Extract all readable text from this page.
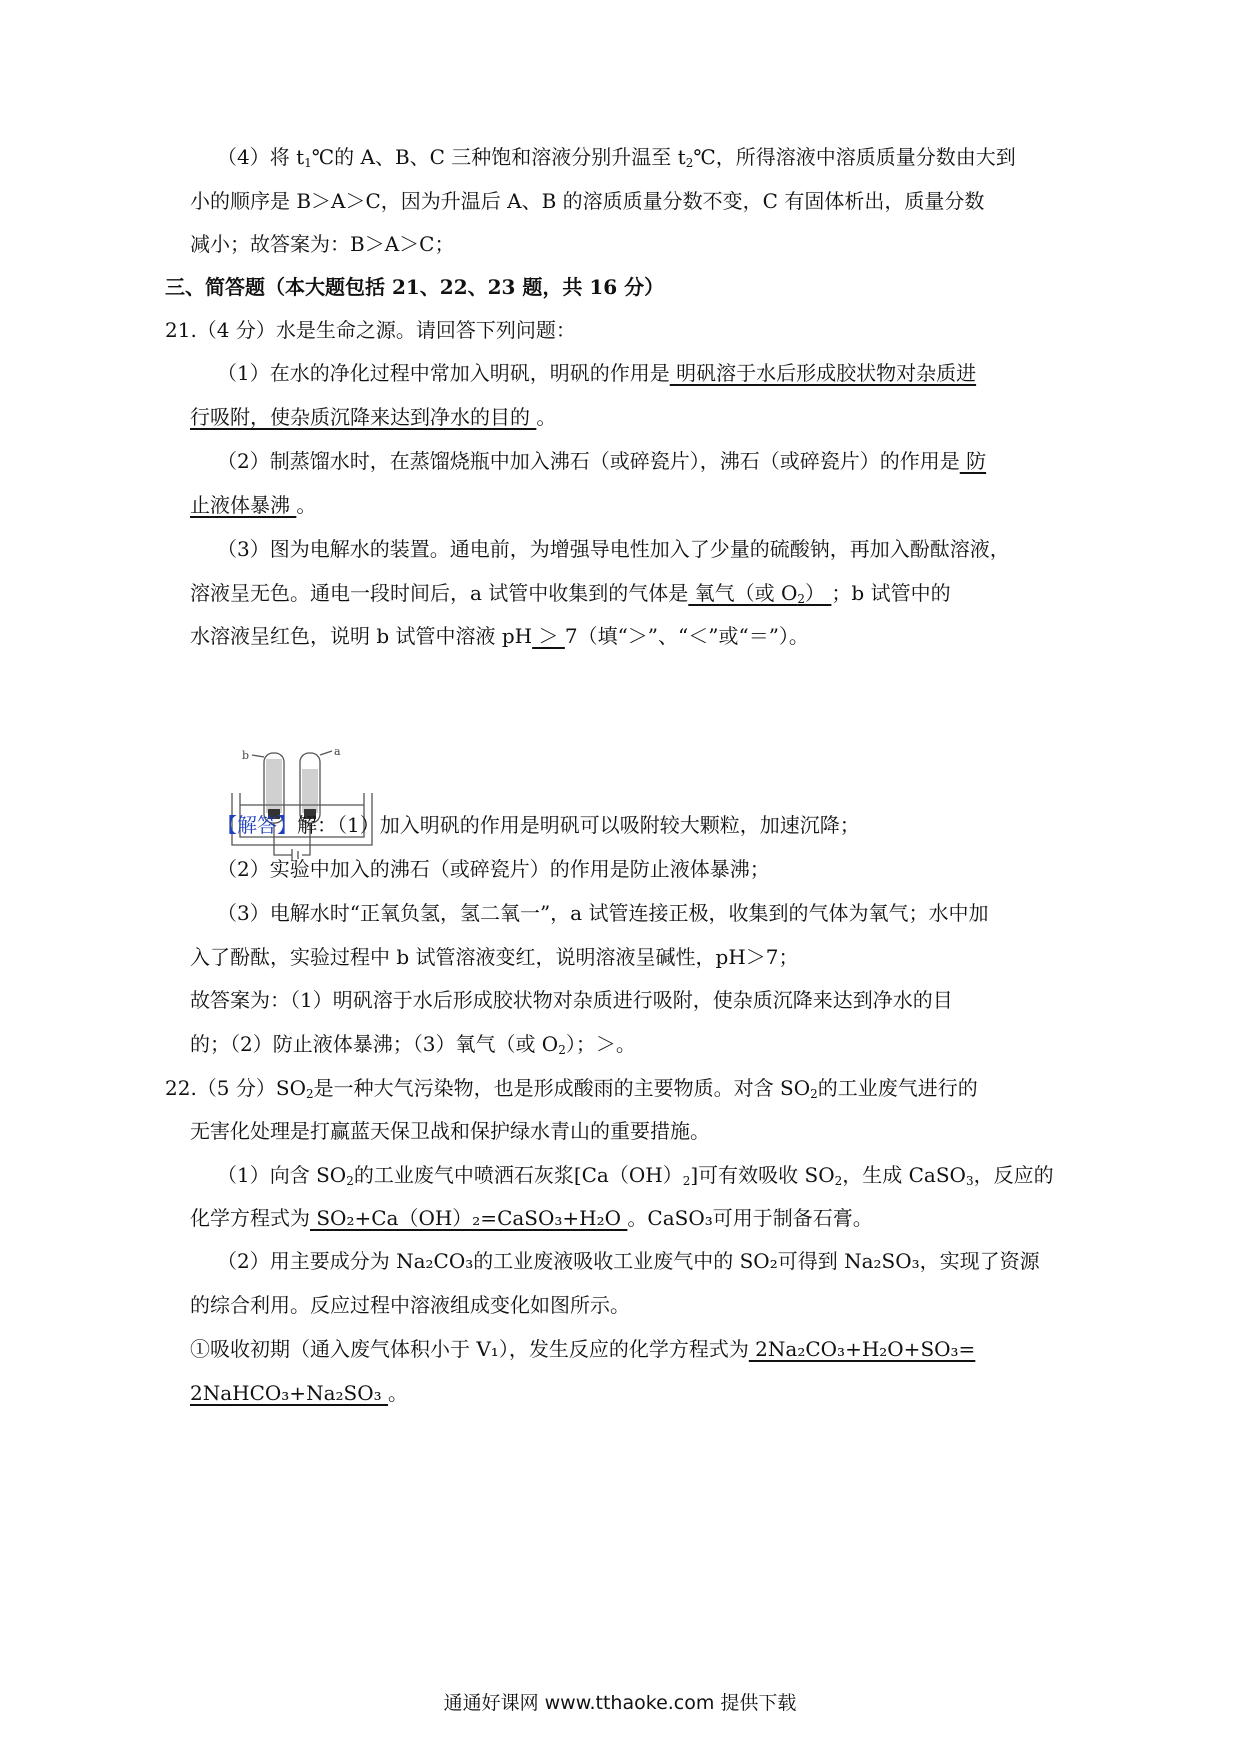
（4）将 $t_1℃$的 A、B、C 三种饱和溶液分别升温至 $t_2℃$，所得溶液中溶质质量分数由大到
小的顺序是 B＞A＞C，因为升温后 A、B 的溶质质量分数不变，C 有固体析出，质量分数
减小；故答案为：B＞A＞C；
三、简答题（本大题包括 21、22、23 题，共 16 分）
21.（4 分）水是生命之源。请回答下列问题：
（1）在水的净化过程中常加入明矾，明矾的作用是 明矾溶于水后形成胶状物对杂质进
行吸附，使杂质沉降来达到净水的目的 。
（2）制蒸馏水时，在蒸馏烧瓶中加入沸石（或碎瓷片），沸石（或碎瓷片）的作用是 防
止液体暴沸 。
（3）图为电解水的装置。通电前，为增强导电性加入了少量的硫酸钠，再加入酚酞溶液，
溶液呈无色。通电一段时间后，a 试管中收集到的气体是 氧气（或 $O_2$） ；b 试管中的
水溶液呈红色，说明 b 试管中溶液 pH ＞ 7（填“＞”、“＜”或“＝”）。
b	a
【解答】解：（1）加入明矾的作用是明矾可以吸附较大颗粒，加速沉降；
（2）实验中加入的沸石（或碎瓷片）的作用是防止液体暴沸；
（3）电解水时“正氧负氢，氢二氧一”，a 试管连接正极，收集到的气体为氧气；水中加
入了酚酞，实验过程中 b 试管溶液变红，说明溶液呈碱性，pH＞7；
故答案为：（1）明矾溶于水后形成胶状物对杂质进行吸附，使杂质沉降来达到净水的目
的；（2）防止液体暴沸；（3）氧气（或 $O_2$）；＞。
22.（5 分）$SO_2$是一种大气污染物，也是形成酸雨的主要物质。对含 $SO_2$的工业废气进行的
无害化处理是打赢蓝天保卫战和保护绿水青山的重要措施。
（1）向含 $SO_2$的工业废气中喷洒石灰浆$[Ca(OH)_2]$可有效吸收 $SO_2$，生成 CaSO$_3$，反应的
化学方程式为 SO₂+Ca（OH）₂=CaSO₃+H₂O 。CaSO₃可用于制备石膏。
（2）用主要成分为 Na₂CO₃的工业废液吸收工业废气中的 SO₂可得到 Na₂SO₃，实现了资源
的综合利用。反应过程中溶液组成变化如图所示。
①吸收初期（通入废气体积小于 V₁），发生反应的化学方程式为 2Na₂CO₃+H₂O+SO₃=
2NaHCO₃+Na₂SO₃ 。
通通好课网 www.tthaoke.com 提供下载
